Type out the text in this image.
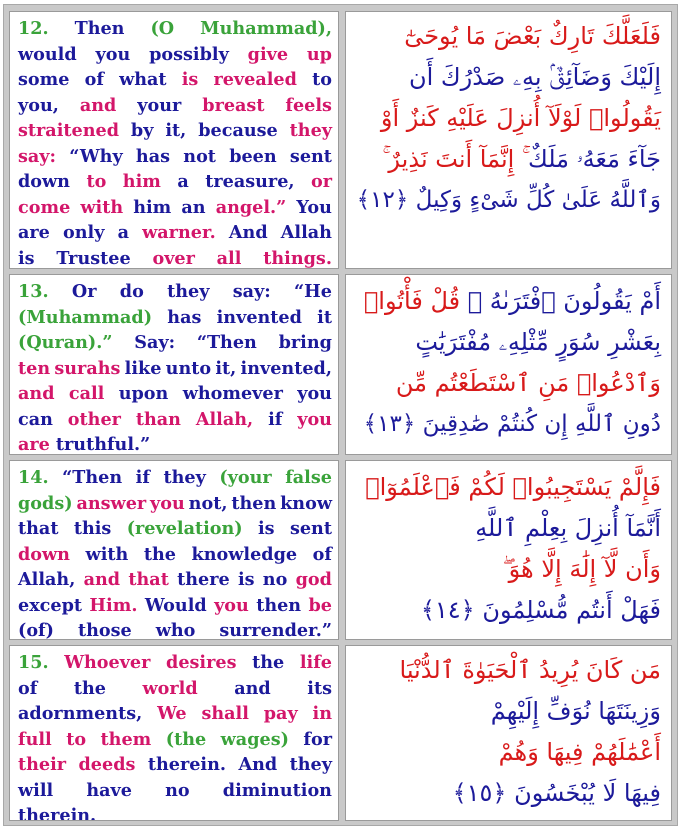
12. Then (O Muhammad),
would you possibly give up
some of what is revealed to
you, and your breast feels
straitened by it, because they
say: “Why has not been sent
down to him a treasure, or
come with him an angel.” You
are only a warner. And Allah
is Trustee over all things.
فَلَعَلَّكَ تَارِكٌ بَعْضَ مَا يُوحَىٰٓ
إِلَيْكَ وَضَآئِقٌۢ بِهِۦ صَدْرُكَ أَن
يَقُولُوا۟ لَوْلَآ أُنزِلَ عَلَيْهِ كَنزٌ أَوْ
جَآءَ مَعَهُۥ مَلَكٌ ۚ إِنَّمَآ أَنتَ نَذِيرٌ ۚ
وَٱللَّهُ عَلَىٰ كُلِّ شَىْءٍ وَكِيلٌ ﴿١٢﴾
13. Or do they say: “He
(Muhammad) has invented it
(Quran).” Say: “Then bring
ten surahs like unto it, invented,
and call upon whomever you
can other than Allah, if you
are truthful.”
أَمْ يَقُولُونَ ٱفْتَرَىٰهُ ۖ قُلْ فَأْتُوا۟
بِعَشْرِ سُوَرٍ مِّثْلِهِۦ مُفْتَرَيَٰتٍ
وَٱدْعُوا۟ مَنِ ٱسْتَطَعْتُم مِّن
دُونِ ٱللَّهِ إِن كُنتُمْ صَٰدِقِينَ ﴿١٣﴾
14. “Then if they (your false
gods) answer you not, then know
that this (revelation) is sent
down with the knowledge of
Allah, and that there is no god
except Him. Would you then be
(of) those who surrender.”
فَإِلَّمْ يَسْتَجِيبُوا۟ لَكُمْ فَٱعْلَمُوٓا۟
أَنَّمَآ أُنزِلَ بِعِلْمِ ٱللَّهِ
وَأَن لَّآ إِلَٰهَ إِلَّا هُوَ ۖ
فَهَلْ أَنتُم مُّسْلِمُونَ ﴿١٤﴾
15. Whoever desires the life
of the world and its
adornments, We shall pay in
full to them (the wages) for
their deeds therein. And they
will have no diminution
therein.
مَن كَانَ يُرِيدُ ٱلْحَيَوٰةَ ٱلدُّنْيَا
وَزِينَتَهَا نُوَفِّ إِلَيْهِمْ
أَعْمَٰلَهُمْ فِيهَا وَهُمْ
فِيهَا لَا يُبْخَسُونَ ﴿١٥﴾
